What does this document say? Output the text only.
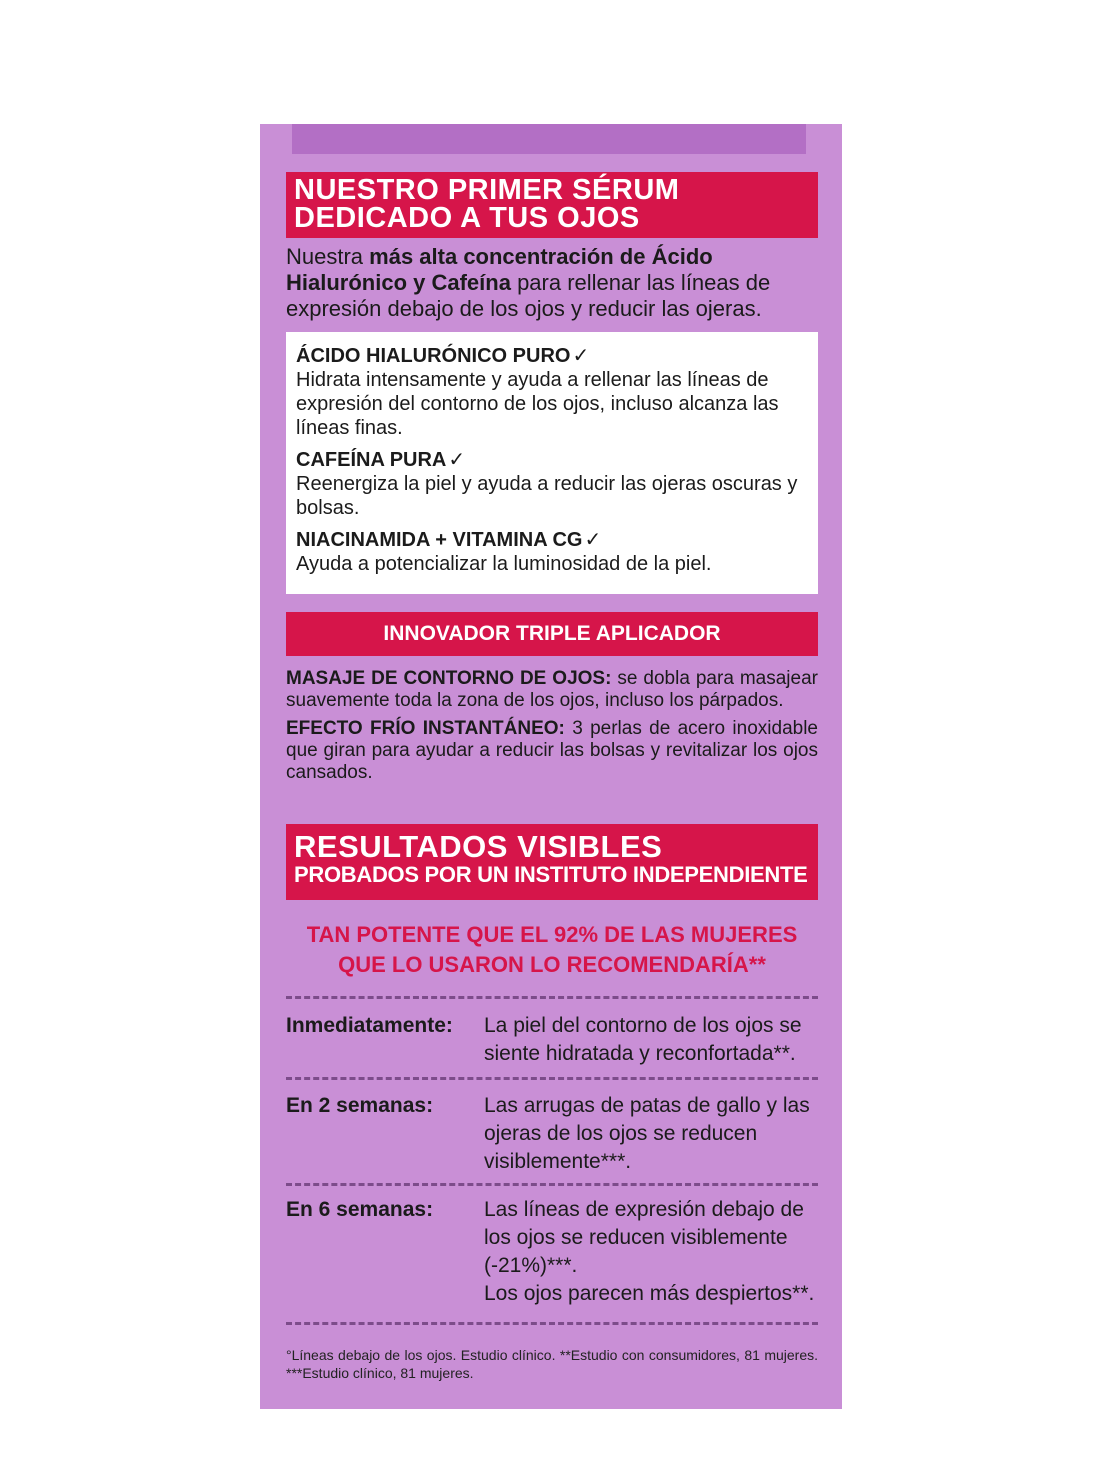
NUESTRO PRIMER SÉRUM
DEDICADO A TUS OJOS
Nuestra más alta concentración de Ácido Hialurónico y Cafeína para rellenar las líneas de expresión debajo de los ojos y reducir las ojeras.
ÁCIDO HIALURÓNICO PURO ✓
Hidrata intensamente y ayuda a rellenar las líneas de expresión del contorno de los ojos, incluso alcanza las líneas finas.
CAFEÍNA PURA ✓
Reenergiza la piel y ayuda a reducir las ojeras oscuras y bolsas.
NIACINAMIDA + VITAMINA CG ✓
Ayuda a potencializar la luminosidad de la piel.
INNOVADOR TRIPLE APLICADOR

MASAJE DE CONTORNO DE OJOS: se dobla para masajear suavemente toda la zona de los ojos, incluso los párpados.

EFECTO FRÍO INSTANTÁNEO: 3 perlas de acero inoxidable que giran para ayudar a reducir las bolsas y revitalizar los ojos cansados.

RESULTADOS VISIBLES
PROBADOS POR UN INSTITUTO INDEPENDIENTE
TAN POTENTE QUE EL 92% DE LAS MUJERES
QUE LO USARON LO RECOMENDARÍA**
Inmediatamente: La piel del contorno de los ojos se siente hidratada y reconfortada**.
En 2 semanas: Las arrugas de patas de gallo y las ojeras de los ojos se reducen visiblemente***.
En 6 semanas: Las líneas de expresión debajo de los ojos se reducen visiblemente (-21%)***.
Los ojos parecen más despiertos**.
°Líneas debajo de los ojos. Estudio clínico. **Estudio con consumidores, 81 mujeres. ***Estudio clínico, 81 mujeres.
